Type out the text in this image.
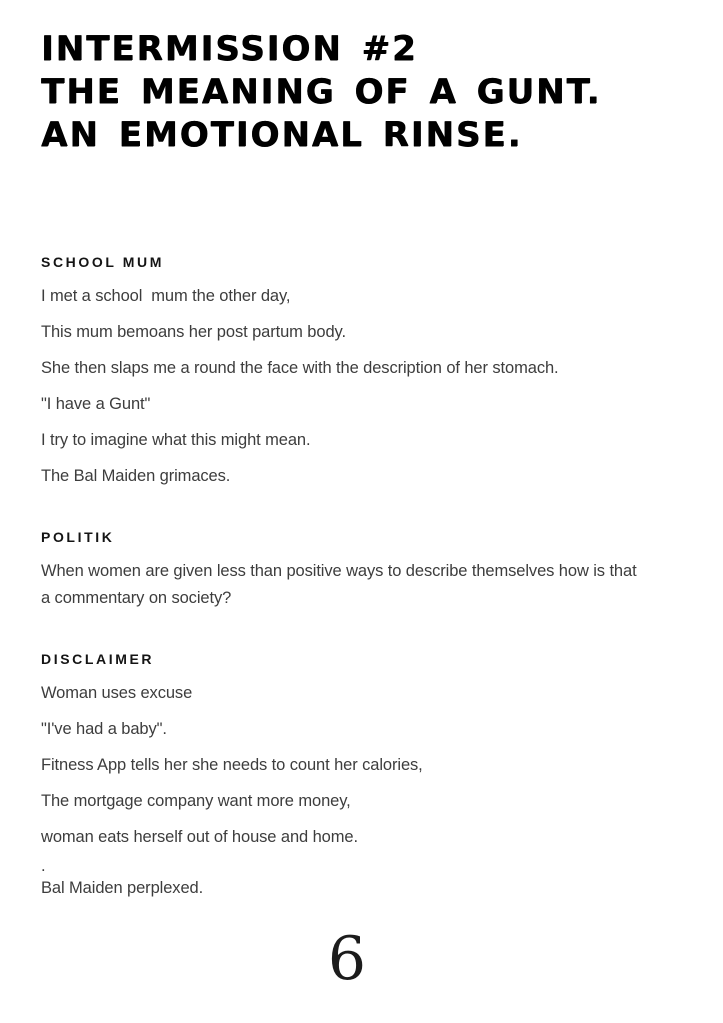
INTERMISSION #2
THE MEANING OF A GUNT.
AN EMOTIONAL RINSE.
SCHOOL MUM

I met a school  mum the other day,

This mum bemoans her post partum body.

She then slaps me a round the face with the description of her stomach.

"I have a Gunt"

I try to imagine what this might mean.

The Bal Maiden grimaces.

POLITIK

When women are given less than positive ways to describe themselves how is that a commentary on society?

DISCLAIMER

Woman uses excuse

"I've had a baby".

Fitness App tells her she needs to count her calories,

The mortgage company want more money,

woman eats herself out of house and home.

.

Bal Maiden perplexed.

6
